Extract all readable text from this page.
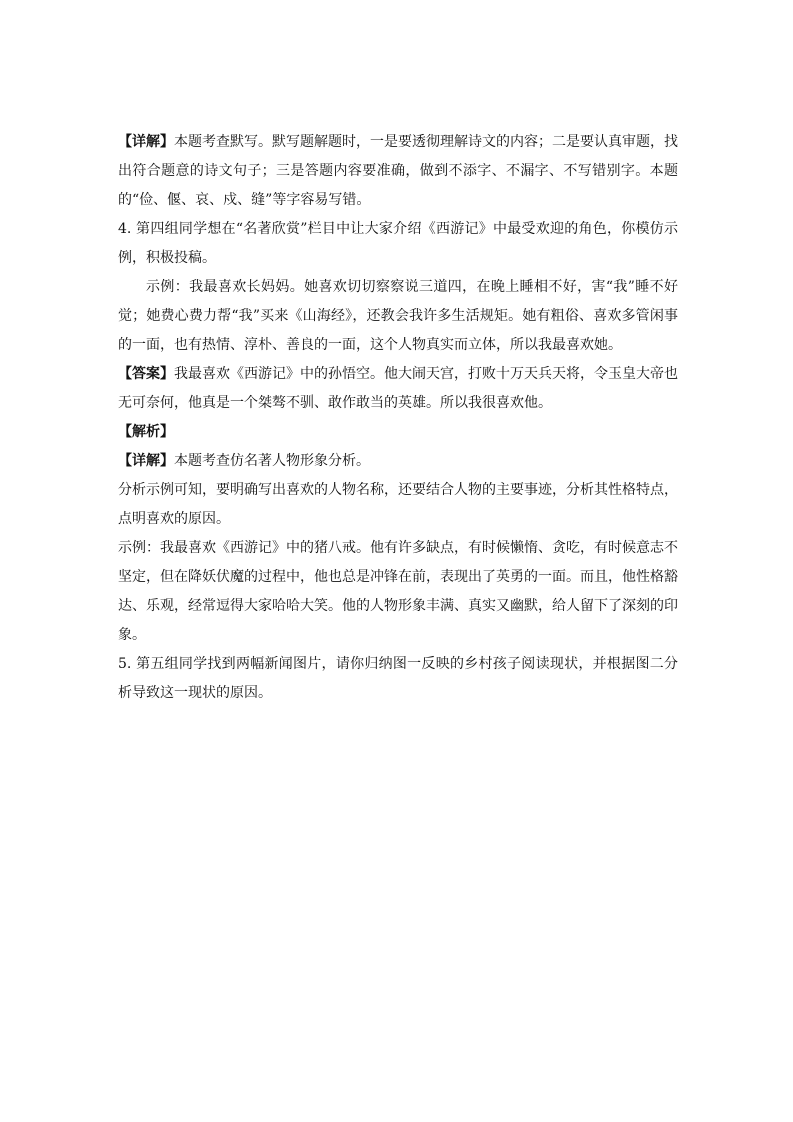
【详解】本题考查默写。默写题解题时，一是要透彻理解诗文的内容；二是要认真审题，找出符合题意的诗文句子；三是答题内容要准确，做到不添字、不漏字、不写错别字。本题的“俭、偃、哀、戍、缝”等字容易写错。

4. 第四组同学想在“名著欣赏”栏目中让大家介绍《西游记》中最受欢迎的角色，你模仿示例，积极投稿。

示例：我最喜欢长妈妈。她喜欢切切察察说三道四，在晚上睡相不好，害“我”睡不好觉；她费心费力帮“我”买来《山海经》，还教会我许多生活规矩。她有粗俗、喜欢多管闲事的一面，也有热情、淳朴、善良的一面，这个人物真实而立体，所以我最喜欢她。

【答案】我最喜欢《西游记》中的孙悟空。他大闹天宫，打败十万天兵天将，令玉皇大帝也无可奈何，他真是一个桀骜不驯、敢作敢当的英雄。所以我很喜欢他。

【解析】

【详解】本题考查仿名著人物形象分析。

分析示例可知，要明确写出喜欢的人物名称，还要结合人物的主要事迹，分析其性格特点，点明喜欢的原因。

示例：我最喜欢《西游记》中的猪八戒。他有许多缺点，有时候懒惰、贪吃，有时候意志不坚定，但在降妖伏魔的过程中，他也总是冲锋在前，表现出了英勇的一面。而且，他性格豁达、乐观，经常逗得大家哈哈大笑。他的人物形象丰满、真实又幽默，给人留下了深刻的印象。

5. 第五组同学找到两幅新闻图片，请你归纳图一反映的乡村孩子阅读现状，并根据图二分析导致这一现状的原因。
